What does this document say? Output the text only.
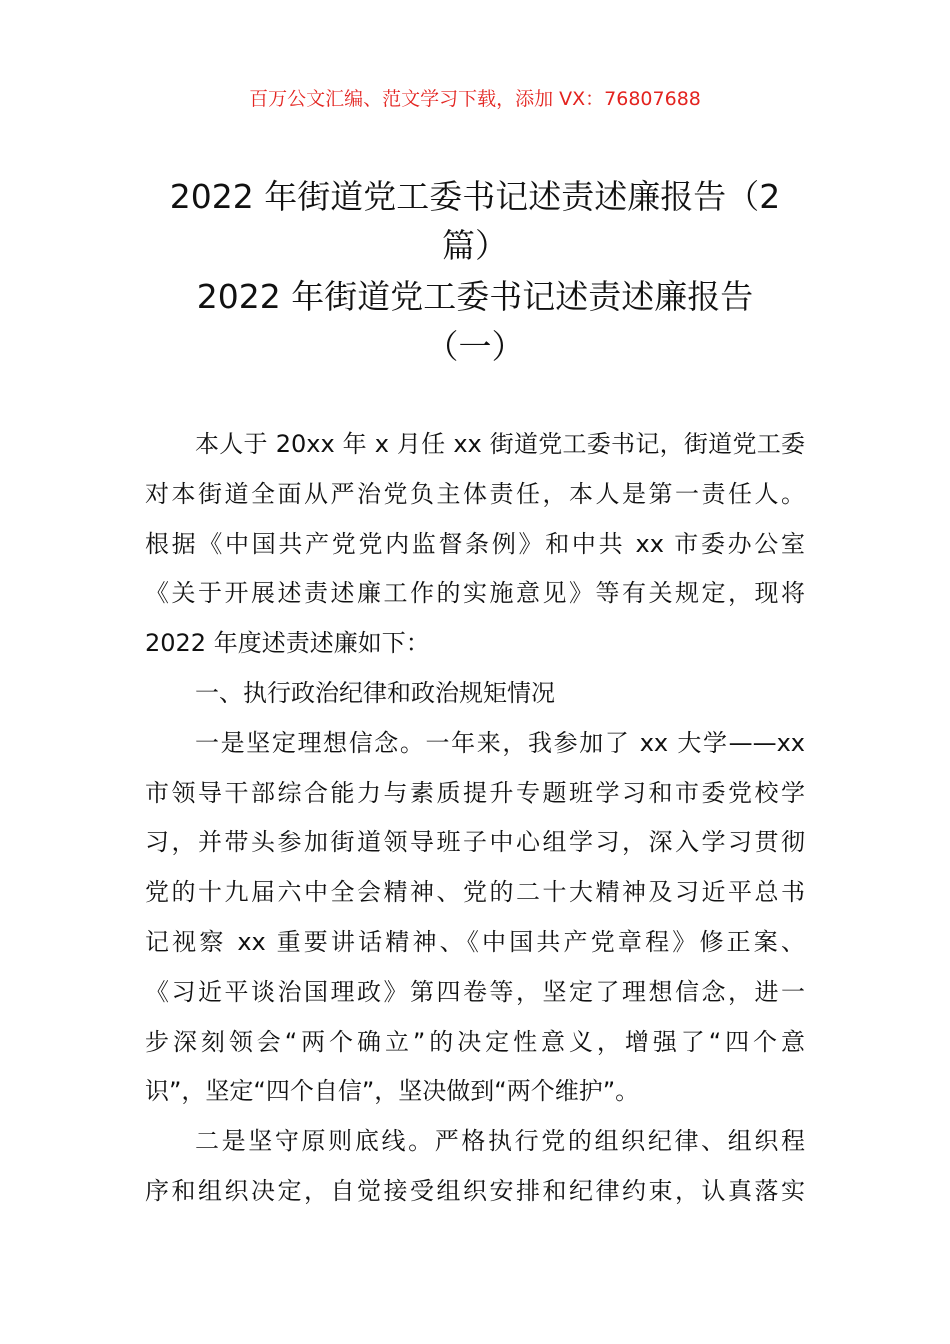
百万公文汇编、范文学习下载，添加 VX：76807688
2022 年街道党工委书记述责述廉报告（2
篇）
2022 年街道党工委书记述责述廉报告
（一）
本人于 20xx 年 x 月任 xx 街道党工委书记，街道党工委
对本街道全面从严治党负主体责任，本人是第一责任人。
根据《中国共产党党内监督条例》和中共 xx 市委办公室
《关于开展述责述廉工作的实施意见》等有关规定，现将
2022 年度述责述廉如下：
一、执行政治纪律和政治规矩情况
一是坚定理想信念。一年来，我参加了 xx 大学——xx
市领导干部综合能力与素质提升专题班学习和市委党校学
习，并带头参加街道领导班子中心组学习，深入学习贯彻
党的十九届六中全会精神、党的二十大精神及习近平总书
记视察 xx 重要讲话精神、《中国共产党章程》修正案、
《习近平谈治国理政》第四卷等，坚定了理想信念，进一
步深刻领会“两个确立”的决定性意义，增强了“四个意
识”，坚定“四个自信”，坚决做到“两个维护”。
二是坚守原则底线。严格执行党的组织纪律、组织程
序和组织决定，自觉接受组织安排和纪律约束，认真落实
